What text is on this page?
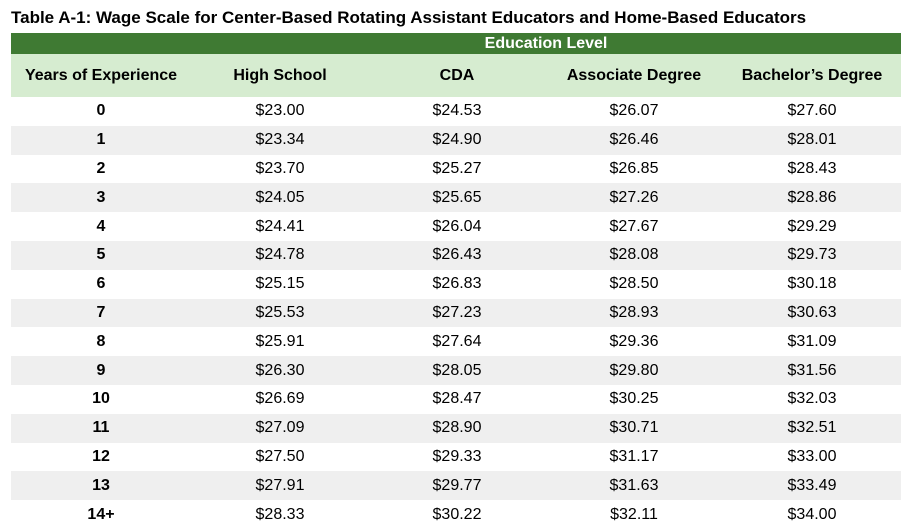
Table A-1: Wage Scale for Center-Based Rotating Assistant Educators and Home-Based Educators
	Education Level			
Years of Experience	High School	CDA	Associate Degree	Bachelor’s Degree
0	$23.00	$24.53	$26.07	$27.60
1	$23.34	$24.90	$26.46	$28.01
2	$23.70	$25.27	$26.85	$28.43
3	$24.05	$25.65	$27.26	$28.86
4	$24.41	$26.04	$27.67	$29.29
5	$24.78	$26.43	$28.08	$29.73
6	$25.15	$26.83	$28.50	$30.18
7	$25.53	$27.23	$28.93	$30.63
8	$25.91	$27.64	$29.36	$31.09
9	$26.30	$28.05	$29.80	$31.56
10	$26.69	$28.47	$30.25	$32.03
11	$27.09	$28.90	$30.71	$32.51
12	$27.50	$29.33	$31.17	$33.00
13	$27.91	$29.77	$31.63	$33.49
14+	$28.33	$30.22	$32.11	$34.00
